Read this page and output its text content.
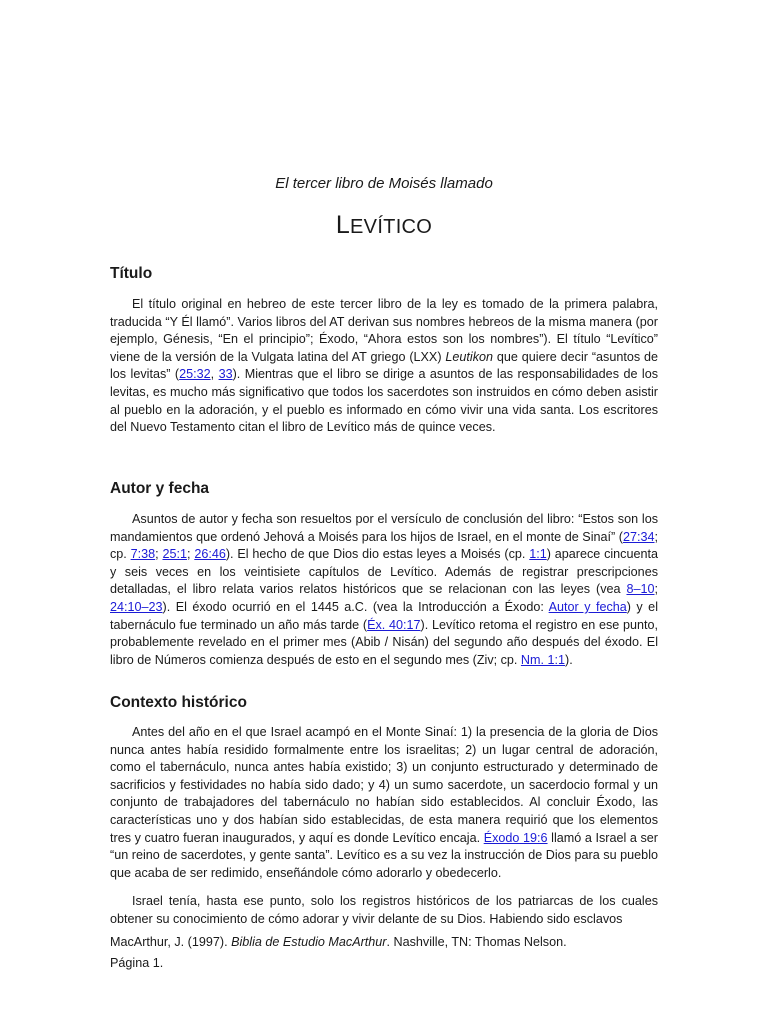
El tercer libro de Moisés llamado
LEVÍTICO
Título

El título original en hebreo de este tercer libro de la ley es tomado de la primera palabra, traducida “Y Él llamó”. Varios libros del AT derivan sus nombres hebreos de la misma manera (por ejemplo, Génesis, “En el principio”; Éxodo, “Ahora estos son los nombres”). El título “Levítico” viene de la versión de la Vulgata latina del AT griego (LXX) Leutikon que quiere decir “asuntos de los levitas” (25:32, 33). Mientras que el libro se dirige a asuntos de las responsabilidades de los levitas, es mucho más significativo que todos los sacerdotes son instruidos en cómo deben asistir al pueblo en la adoración, y el pueblo es informado en cómo vivir una vida santa. Los escritores del Nuevo Testamento citan el libro de Levítico más de quince veces.

Autor y fecha

Asuntos de autor y fecha son resueltos por el versículo de conclusión del libro: “Estos son los mandamientos que ordenó Jehová a Moisés para los hijos de Israel, en el monte de Sinaí” (27:34; cp. 7:38; 25:1; 26:46). El hecho de que Dios dio estas leyes a Moisés (cp. 1:1) aparece cincuenta y seis veces en los veintisiete capítulos de Levítico. Además de registrar prescripciones detalladas, el libro relata varios relatos históricos que se relacionan con las leyes (vea 8–10; 24:10–23). El éxodo ocurrió en el 1445 a.C. (vea la Introducción a Éxodo: Autor y fecha) y el tabernáculo fue terminado un año más tarde (Éx. 40:17). Levítico retoma el registro en ese punto, probablemente revelado en el primer mes (Abib / Nisán) del segundo año después del éxodo. El libro de Números comienza después de esto en el segundo mes (Ziv; cp. Nm. 1:1).

Contexto histórico

Antes del año en el que Israel acampó en el Monte Sinaí: 1) la presencia de la gloria de Dios nunca antes había residido formalmente entre los israelitas; 2) un lugar central de adoración, como el tabernáculo, nunca antes había existido; 3) un conjunto estructurado y determinado de sacrificios y festividades no había sido dado; y 4) un sumo sacerdote, un sacerdocio formal y un conjunto de trabajadores del tabernáculo no habían sido establecidos. Al concluir Éxodo, las características uno y dos habían sido establecidas, de esta manera requirió que los elementos tres y cuatro fueran inaugurados, y aquí es donde Levítico encaja. Éxodo 19:6 llamó a Israel a ser “un reino de sacerdotes, y gente santa”. Levítico es a su vez la instrucción de Dios para su pueblo que acaba de ser redimido, enseñándole cómo adorarlo y obedecerlo.

Israel tenía, hasta ese punto, solo los registros históricos de los patriarcas de los cuales obtener su conocimiento de cómo adorar y vivir delante de su Dios. Habiendo sido esclavos

MacArthur, J. (1997). Biblia de Estudio MacArthur. Nashville, TN: Thomas Nelson.
Página 1.
